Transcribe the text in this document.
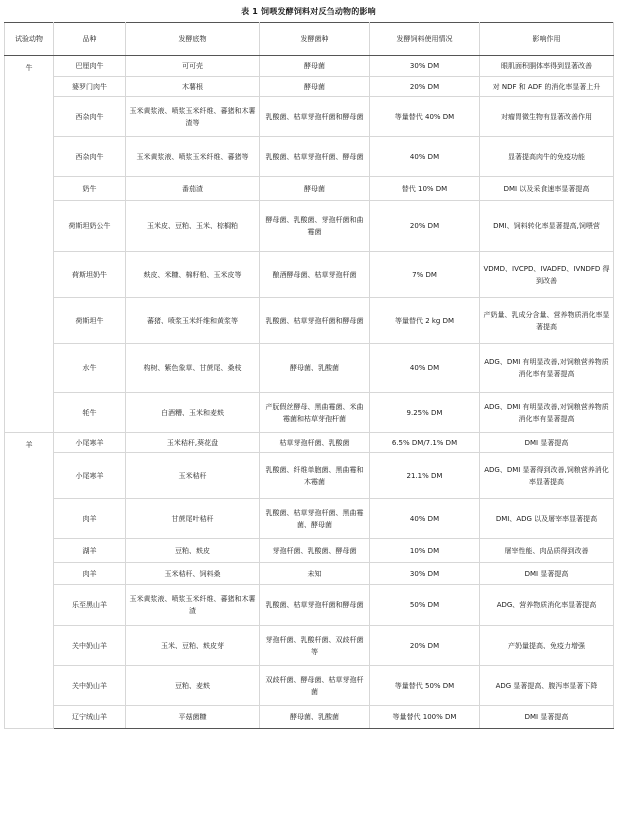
表 1 饲喂发酵饲料对反刍动物的影响
试验动物	品种	发酵底物	发酵菌种	发酵饲料使用情况	影响作用
牛	巴厘肉牛	可可壳	酵母菌	30% DM	眼肌面积胴体率得到显著改善
	婆罗门肉牛	木薯根	酵母菌	20% DM	对 NDF 和 ADF 的消化率显著上升
	西杂肉牛	玉米黄浆液、喷浆玉米纤维、蕃猪和木薯渣等	乳酸菌、枯草芽孢杆菌和酵母菌	等量替代 40% DM	对瘤胃微生物有显著改善作用
	西杂肉牛	玉米黄浆液、喷浆玉米纤维、蕃猪等	乳酸菌、枯草芽孢杆菌、酵母菌	40% DM	显著提高肉牛的免疫功能
	奶牛	番茄渣	酵母菌	替代 10% DM	DMI 以及采食速率显著提高
	荷斯坦奶公牛	玉米皮、豆粕、玉米、棕榈粕	酵母菌、乳酸菌、芽孢杆菌和曲霉菌	20% DM	DMI、饲料转化率显著提高,饲喂营
	荷斯坦奶牛	麸皮、米糠、棉籽粕、玉米皮等	酿酒酵母菌、枯草芽孢杆菌	7% DM	VDMD、IVCPD、IVADFD、IVNDFD 得到改善
	荷斯坦牛	蕃猪、喷浆玉米纤维和黄浆等	乳酸菌、枯草芽孢杆菌和酵母菌	等量替代 2 kg DM	产奶量、乳成分含量、营养物质消化率显著提高
	水牛	构树、紫色象草、甘蔗尾、桑枝	酵母菌、乳酸菌	40% DM	ADG、DMI 有明显改善,对饲粮营养物质消化率有显著提高
	牦牛	白酒糟、玉米和麦麸	产朊假丝酵母、黑曲霉菌、米曲霉菌和枯草芽孢杆菌	9.25% DM	ADG、DMI 有明显改善,对饲粮营养物质消化率有显著提高
羊	小尾寒羊	玉米秸秆,葵花盘	枯草芽孢杆菌、乳酸菌	6.5% DM/7.1% DM	DMI 显著提高
	小尾寒羊	玉米秸秆	乳酸菌、纤维单胞菌、黑曲霉和木霉菌	21.1% DM	ADG、DMI 显著得到改善,饲粮营养消化率显著提高
	肉羊	甘蔗尾叶秸秆	乳酸菌、枯草芽孢杆菌、黑曲霉菌、酵母菌	40% DM	DMI、ADG 以及屠宰率显著提高
	湖羊	豆粕、麸皮	芽孢杆菌、乳酸菌、酵母菌	10% DM	屠宰性能、肉品质得到改善
	肉羊	玉米秸秆、饲料桑	未知	30% DM	DMI 显著提高
	乐至黑山羊	玉米黄浆液、喷浆玉米纤维、蕃猪和木薯渣	乳酸菌、枯草芽孢杆菌和酵母菌	50% DM	ADG、营养物质消化率显著提高
	关中奶山羊	玉米、豆粕、麸皮芽	芽孢杆菌、乳酸杆菌、双歧杆菌等	20% DM	产奶量提高、免疫力增强
	关中奶山羊	豆粕、麦麸	双歧杆菌、酵母菌、枯草芽孢杆菌	等量替代 50% DM	ADG 显著提高、腹泻率显著下降
	辽宁绒山羊	平菇菌糠	酵母菌、乳酸菌	等量替代 100% DM	DMI 显著提高
